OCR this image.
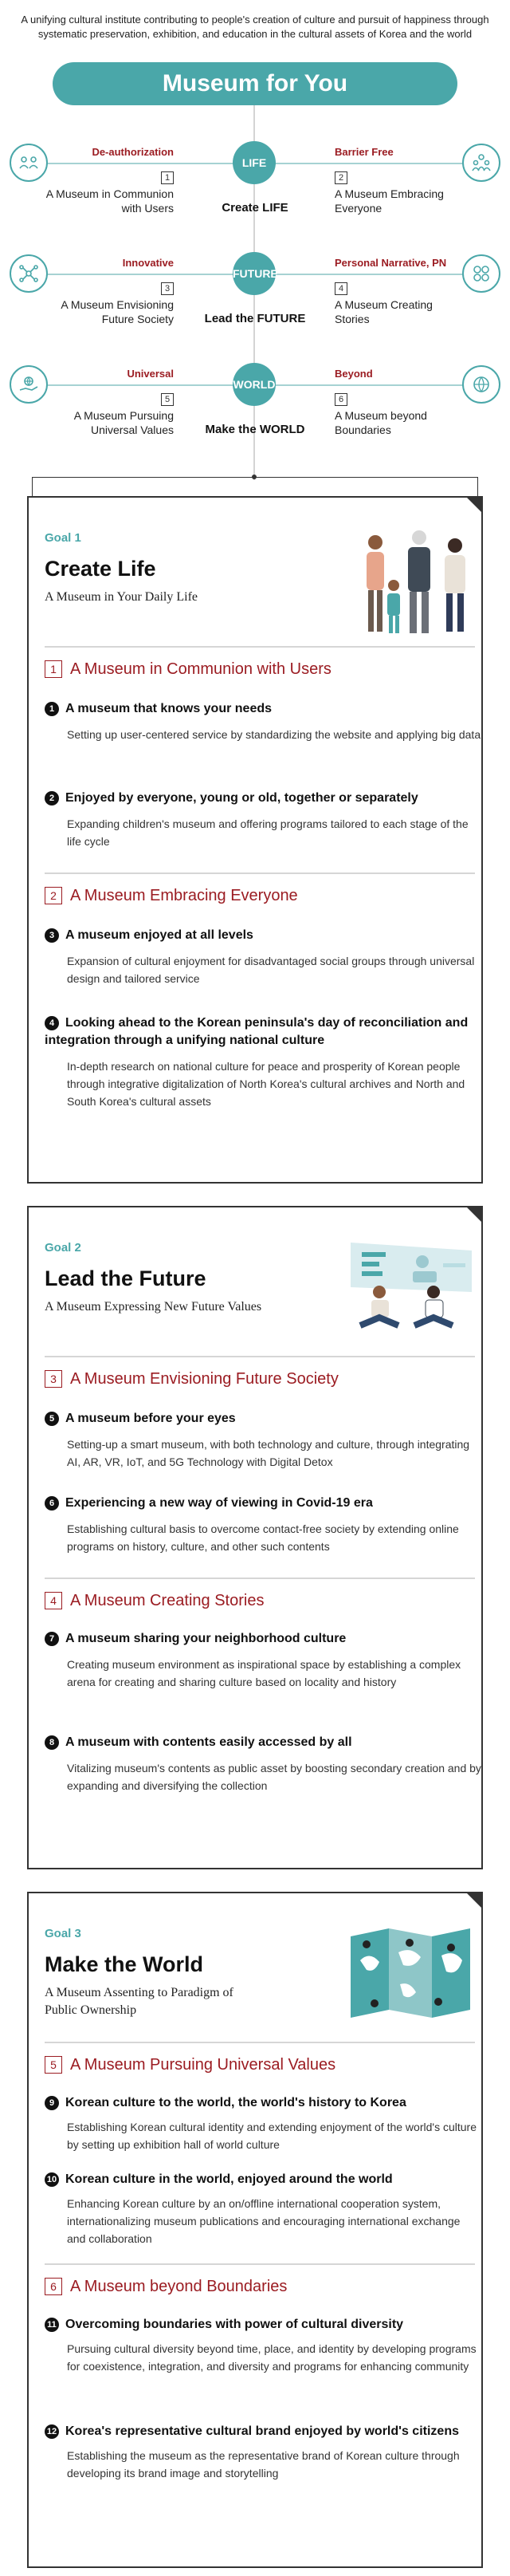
A unifying cultural institute contributing to people's creation of culture and pursuit of happiness through systematic preservation, exhibition, and education in the cultural assets of Korea and the world
Museum for You
De-authorization
1
A Museum in Communion with Users
LIFE
Create LIFE
Barrier Free
2
A Museum Embracing Everyone
Innovative
3
A Museum Envisioning Future Society
FUTURE
Lead the FUTURE
Personal Narrative, PN
4
A Museum Creating Stories
Universal
5
A Museum Pursuing Universal Values
WORLD
Make the WORLD
Beyond
6
A Museum beyond Boundaries
Goal 1
Create Life
A Museum in Your Daily Life
1 A Museum in Communion with Users
1 A museum that knows your needs
Setting up user-centered service by standardizing the website and applying big data
2 Enjoyed by everyone, young or old, together or separately
Expanding children's museum and offering programs tailored to each stage of the life cycle
2 A Museum Embracing Everyone
3 A museum enjoyed at all levels
Expansion of cultural enjoyment for disadvantaged social groups through universal design and tailored service
4 Looking ahead to the Korean peninsula's day of reconciliation and integration through a unifying national culture
In-depth research on national culture for peace and prosperity of Korean people through integrative digitalization of North Korea's cultural archives and North and South Korea's cultural assets
Goal 2
Lead the Future
A Museum Expressing New Future Values
3 A Museum Envisioning Future Society
5 A museum before your eyes
Setting-up a smart museum, with both technology and culture, through integrating AI, AR, VR, IoT, and 5G Technology with Digital Detox
6 Experiencing a new way of viewing in Covid-19 era
Establishing cultural basis to overcome contact-free society by extending online programs on history, culture, and other such contents
4 A Museum Creating Stories
7 A museum sharing your neighborhood culture
Creating museum environment as inspirational space by establishing a complex arena for creating and sharing culture based on locality and history
8 A museum with contents easily accessed by all
Vitalizing museum's contents as public asset by boosting secondary creation and by expanding and diversifying the collection
Goal 3
Make the World
A Museum Assenting to Paradigm of Public Ownership
5 A Museum Pursuing Universal Values
9 Korean culture to the world, the world's history to Korea
Establishing Korean cultural identity and extending enjoyment of the world's culture by setting up exhibition hall of world culture
10 Korean culture in the world, enjoyed around the world
Enhancing Korean culture by an on/offline international cooperation system, internationalizing museum publications and encouraging international exchange and collaboration
6 A Museum beyond Boundaries
11 Overcoming boundaries with power of cultural diversity
Pursuing cultural diversity beyond time, place, and identity by developing programs for coexistence, integration, and diversity and programs for enhancing community
12 Korea's representative cultural brand enjoyed by world's citizens
Establishing the museum as the representative brand of Korean culture through developing its brand image and storytelling
